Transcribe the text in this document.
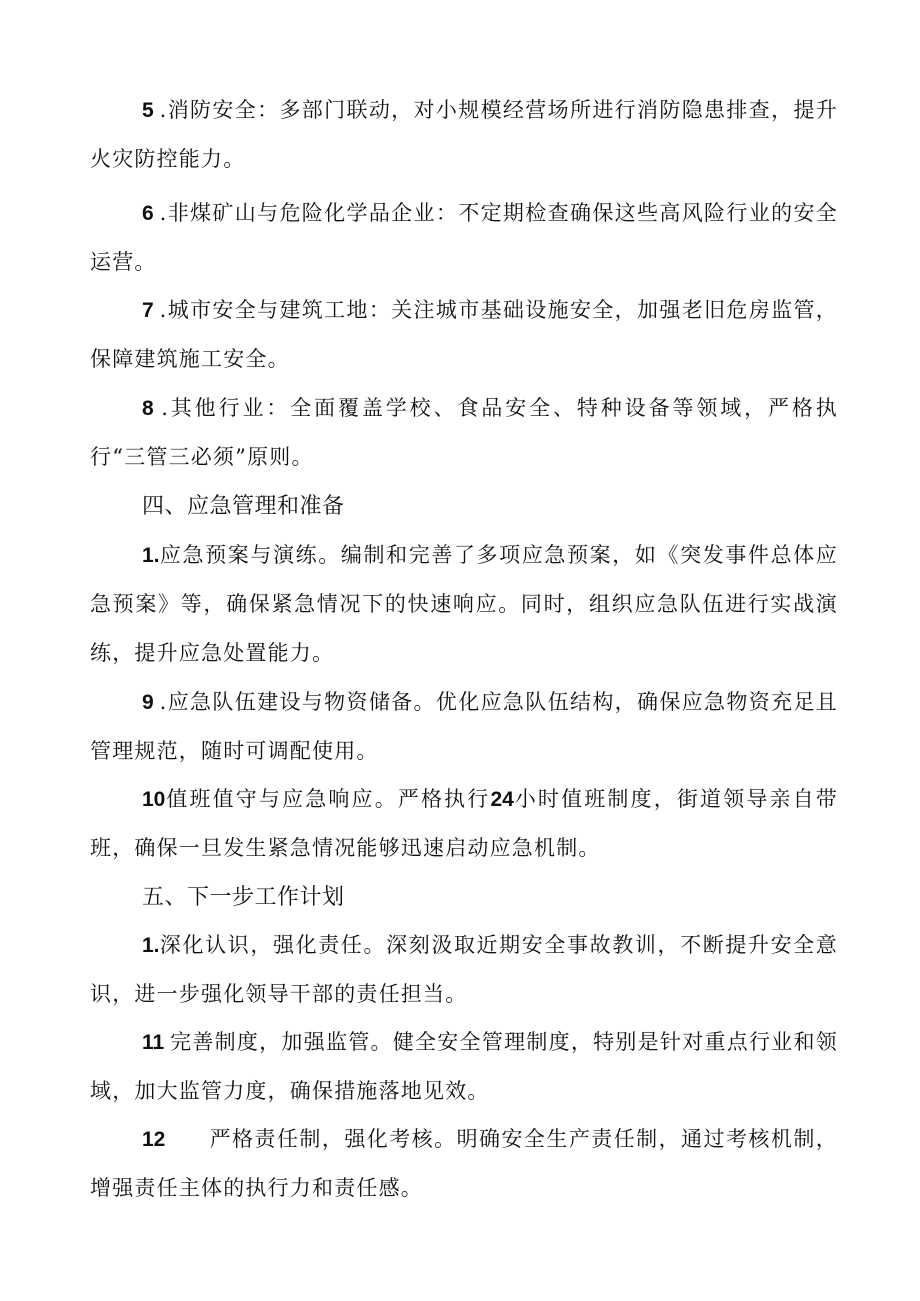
5 .消防安全：多部门联动，对小规模经营场所进行消防隐患排查，提升火灾防控能力。

6 .非煤矿山与危险化学品企业：不定期检查确保这些高风险行业的安全运营。

7 .城市安全与建筑工地：关注城市基础设施安全，加强老旧危房监管，保障建筑施工安全。

8 .其他行业：全面覆盖学校、食品安全、特种设备等领域，严格执行“三管三必须”原则。

四、应急管理和准备

1.应急预案与演练。编制和完善了多项应急预案，如《突发事件总体应急预案》等，确保紧急情况下的快速响应。同时，组织应急队伍进行实战演练，提升应急处置能力。

9 .应急队伍建设与物资储备。优化应急队伍结构，确保应急物资充足且管理规范，随时可调配使用。

10值班值守与应急响应。严格执行24小时值班制度，街道领导亲自带班，确保一旦发生紧急情况能够迅速启动应急机制。

五、下一步工作计划

1.深化认识，强化责任。深刻汲取近期安全事故教训，不断提升安全意识，进一步强化领导干部的责任担当。

11 完善制度，加强监管。健全安全管理制度，特别是针对重点行业和领域，加大监管力度，确保措施落地见效。

12 严格责任制，强化考核。明确安全生产责任制，通过考核机制，增强责任主体的执行力和责任感。
